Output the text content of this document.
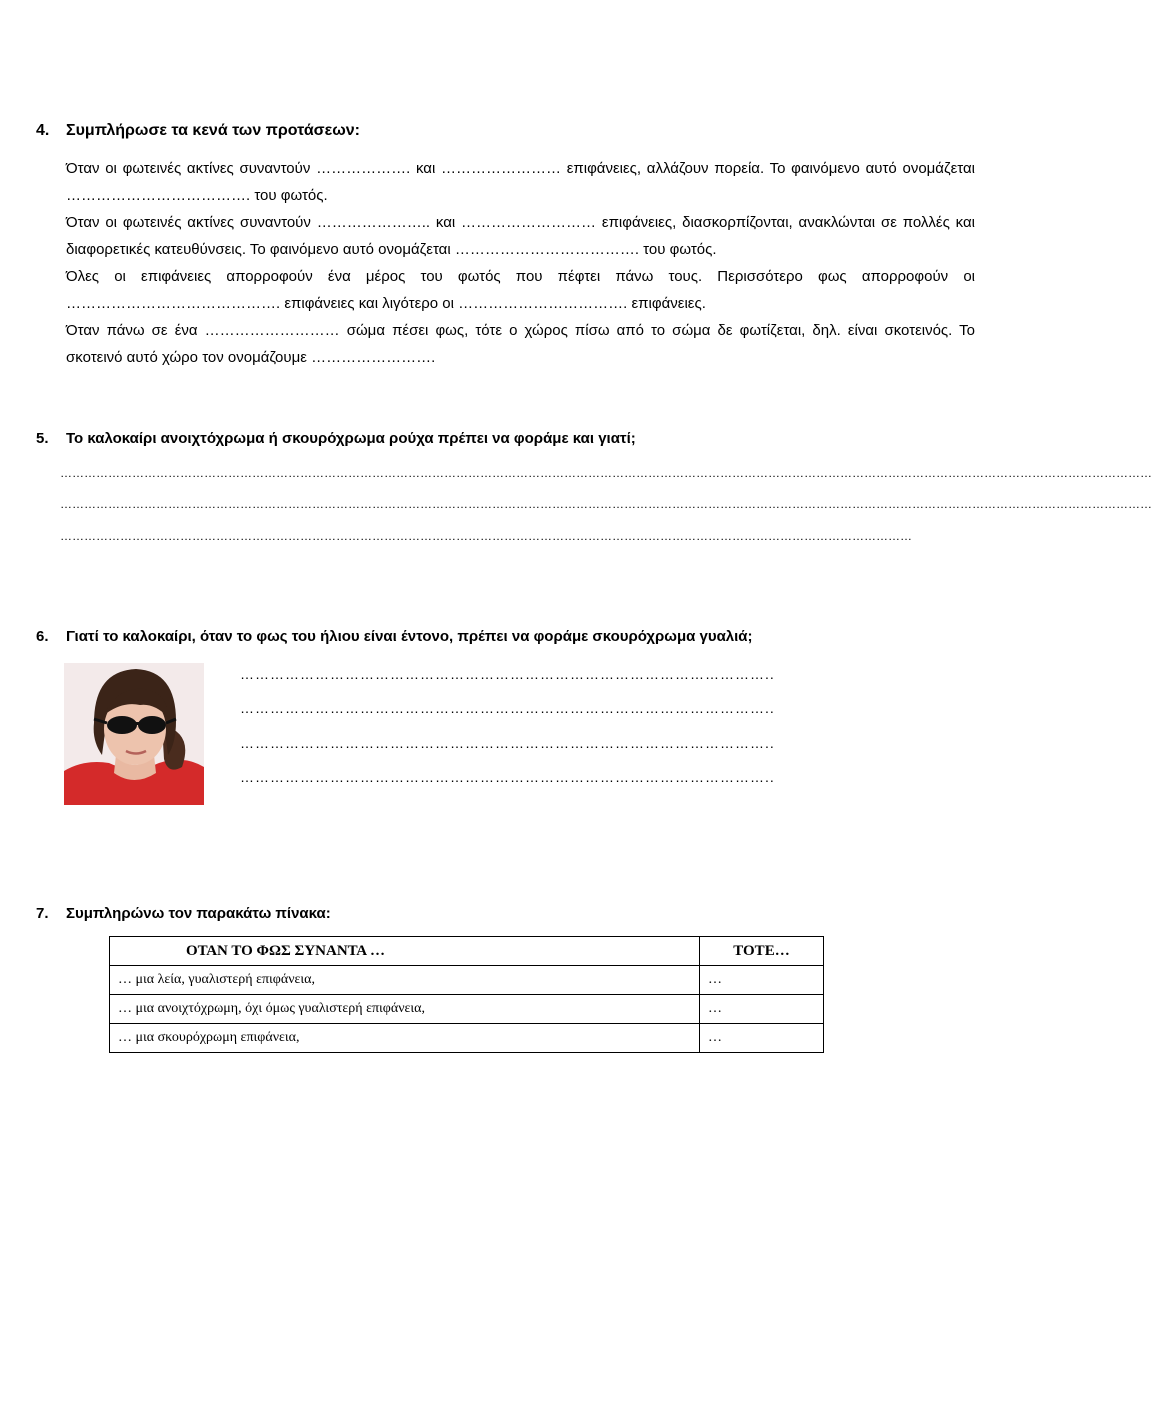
4. Συμπλήρωσε τα κενά των προτάσεων:

Όταν οι φωτεινές ακτίνες συναντούν ………………. και …………………… επιφάνειες, αλλάζουν πορεία. Το φαινόμενο αυτό ονομάζεται ………………………………. του φωτός.

Όταν οι φωτεινές ακτίνες συναντούν ………………….. και ……………………… επιφάνειες, διασκορπίζονται, ανακλώνται σε πολλές και διαφορετικές κατευθύνσεις. Το φαινόμενο αυτό ονομάζεται ………………………………. του φωτός.

Όλες οι επιφάνειες απορροφούν ένα μέρος του φωτός που πέφτει πάνω τους. Περισσότερο φως απορροφούν οι ……………………………………. επιφάνειες και λιγότερο οι ……………………………. επιφάνειες.

Όταν πάνω σε ένα ……………………… σώμα πέσει φως, τότε ο χώρος πίσω από το σώμα δε φωτίζεται, δηλ. είναι σκοτεινός. Το σκοτεινό αυτό χώρο τον ονομάζουμε …………………….

5. Το καλοκαίρι ανοιχτόχρωμα ή σκουρόχρωμα ρούχα πρέπει να φοράμε και γιατί;

…………………………………………………………………………………………………………………………………………………………………………………………………………………………………………………

…………………………………………………………………………………………………………………………………………………………………………………………………………………………………………………

……………………………………………………………………………………………………………………………………………………………………………………………

6. Γιατί το καλοκαίρι, όταν το φως του ήλιου είναι έντονο, πρέπει να φοράμε σκουρόχρωμα γυαλιά;

……………………………………………………………………………………………..

……………………………………………………………………………………………..

……………………………………………………………………………………………..

……………………………………………………………………………………………..

7. Συμπληρώνω τον παρακάτω πίνακα:
ΟΤΑΝ ΤΟ ΦΩΣ ΣΥΝΑΝΤΑ …	ΤΟΤΕ…
… μια λεία, γυαλιστερή επιφάνεια,	…
… μια ανοιχτόχρωμη, όχι όμως γυαλιστερή επιφάνεια,	…
… μια σκουρόχρωμη επιφάνεια,	…
